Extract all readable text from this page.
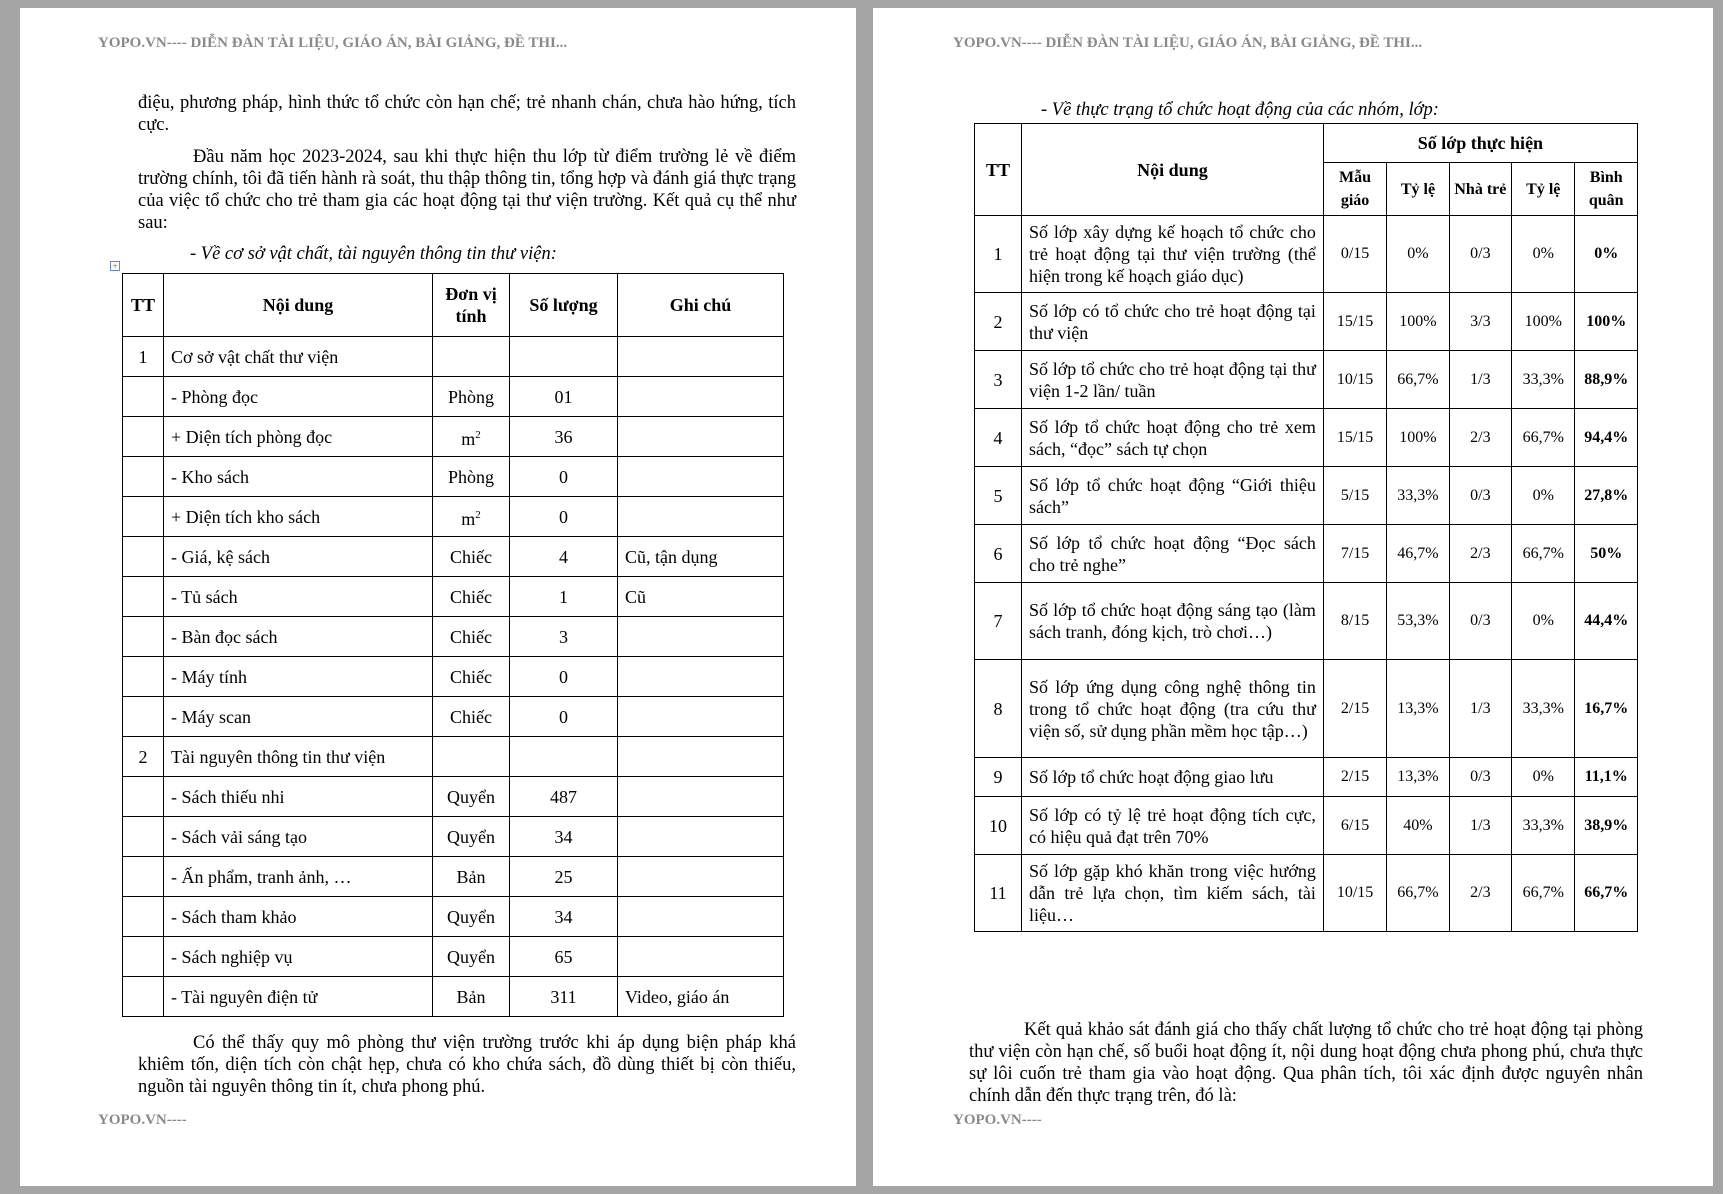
YOPO.VN---- DIỄN ĐÀN TÀI LIỆU, GIÁO ÁN, BÀI GIẢNG, ĐỀ THI...

điệu, phương pháp, hình thức tổ chức còn hạn chế; trẻ nhanh chán, chưa hào hứng, tích cực.

Đầu năm học 2023-2024, sau khi thực hiện thu lớp từ điểm trường lẻ về điểm trường chính, tôi đã tiến hành rà soát, thu thập thông tin, tổng hợp và đánh giá thực trạng của việc tổ chức cho trẻ tham gia các hoạt động tại thư viện trường. Kết quả cụ thể như sau:

- Về cơ sở vật chất, tài nguyên thông tin thư viện:
+
TT	Nội dung	Đơn vị tính	Số lượng	Ghi chú
1	Cơ sở vật chất thư viện			
	- Phòng đọc	Phòng	01	
	+ Diện tích phòng đọc	$m^2$	36	
	- Kho sách	Phòng	0	
	+ Diện tích kho sách	$m^2$	0	
	- Giá, kệ sách	Chiếc	4	Cũ, tận dụng
	- Tủ sách	Chiếc	1	Cũ
	- Bàn đọc sách	Chiếc	3	
	- Máy tính	Chiếc	0	
	- Máy scan	Chiếc	0	
2	Tài nguyên thông tin thư viện			
	- Sách thiếu nhi	Quyển	487	
	- Sách vải sáng tạo	Quyển	34	
	- Ấn phẩm, tranh ảnh, …	Bản	25	
	- Sách tham khảo	Quyển	34	
	- Sách nghiệp vụ	Quyển	65	
	- Tài nguyên điện tử	Bản	311	Video, giáo án

Có thể thấy quy mô phòng thư viện trường trước khi áp dụng biện pháp khá khiêm tốn, diện tích còn chật hẹp, chưa có kho chứa sách, đồ dùng thiết bị còn thiếu, nguồn tài nguyên thông tin ít, chưa phong phú.

YOPO.VN----
YOPO.VN---- DIỄN ĐÀN TÀI LIỆU, GIÁO ÁN, BÀI GIẢNG, ĐỀ THI...
- Về thực trạng tổ chức hoạt động của các nhóm, lớp:
TT	Nội dung	Số lớp thực hiện				
		Mẫu giáo	Tỷ lệ	Nhà trẻ	Tỷ lệ	Bình quân
1	Số lớp xây dựng kế hoạch tổ chức cho trẻ hoạt động tại thư viện trường (thể hiện trong kế hoạch giáo dục)	0/15	0%	0/3	0%	0%
2	Số lớp có tổ chức cho trẻ hoạt động tại thư viện	15/15	100%	3/3	100%	100%
3	Số lớp tổ chức cho trẻ hoạt động tại thư viện 1-2 lần/ tuần	10/15	66,7%	1/3	33,3%	88,9%
4	Số lớp tổ chức hoạt động cho trẻ xem sách, “đọc” sách tự chọn	15/15	100%	2/3	66,7%	94,4%
5	Số lớp tổ chức hoạt động “Giới thiệu sách”	5/15	33,3%	0/3	0%	27,8%
6	Số lớp tổ chức hoạt động “Đọc sách cho trẻ nghe”	7/15	46,7%	2/3	66,7%	50%
7	Số lớp tổ chức hoạt động sáng tạo (làm sách tranh, đóng kịch, trò chơi…)	8/15	53,3%	0/3	0%	44,4%
8	Số lớp ứng dụng công nghệ thông tin trong tổ chức hoạt động (tra cứu thư viện số, sử dụng phần mềm học tập…)	2/15	13,3%	1/3	33,3%	16,7%
9	Số lớp tổ chức hoạt động giao lưu	2/15	13,3%	0/3	0%	11,1%
10	Số lớp có tỷ lệ trẻ hoạt động tích cực, có hiệu quả đạt trên 70%	6/15	40%	1/3	33,3%	38,9%
11	Số lớp gặp khó khăn trong việc hướng dẫn trẻ lựa chọn, tìm kiếm sách, tài liệu…	10/15	66,7%	2/3	66,7%	66,7%

Kết quả khảo sát đánh giá cho thấy chất lượng tổ chức cho trẻ hoạt động tại phòng thư viện còn hạn chế, số buổi hoạt động ít, nội dung hoạt động chưa phong phú, chưa thực sự lôi cuốn trẻ tham gia vào hoạt động. Qua phân tích, tôi xác định được nguyên nhân chính dẫn đến thực trạng trên, đó là:

YOPO.VN----
